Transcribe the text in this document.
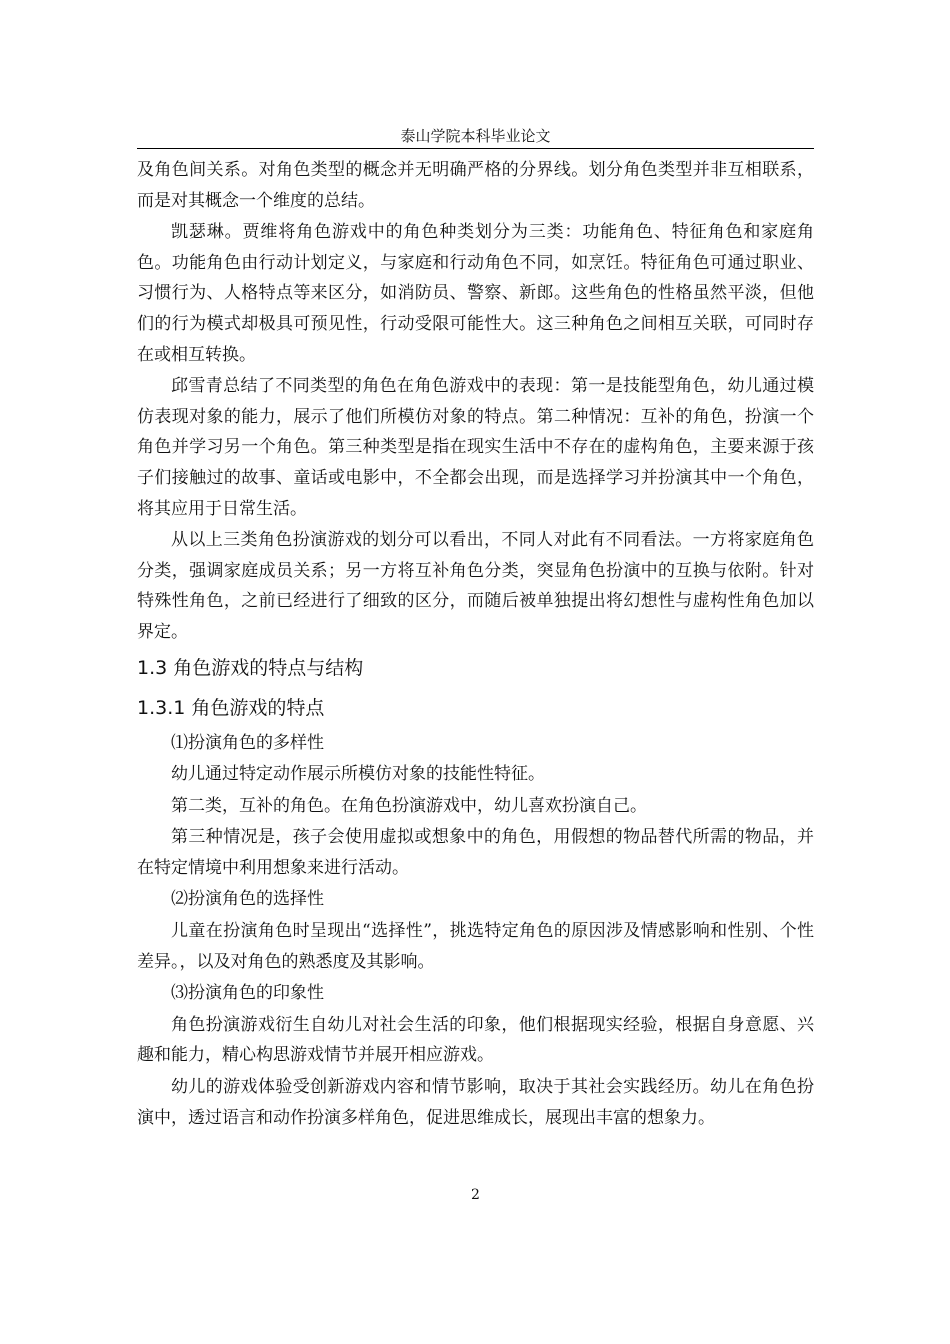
泰山学院本科毕业论文

及角色间关系。对角色类型的概念并无明确严格的分界线。划分角色类型并非互相联系，而是对其概念一个维度的总结。

凯瑟琳。贾维将角色游戏中的角色种类划分为三类：功能角色、特征角色和家庭角色。功能角色由行动计划定义，与家庭和行动角色不同，如烹饪。特征角色可通过职业、习惯行为、人格特点等来区分，如消防员、警察、新郎。这些角色的性格虽然平淡，但他们的行为模式却极具可预见性，行动受限可能性大。这三种角色之间相互关联，可同时存在或相互转换。

邱雪青总结了不同类型的角色在角色游戏中的表现：第一是技能型角色，幼儿通过模仿表现对象的能力，展示了他们所模仿对象的特点。第二种情况：互补的角色，扮演一个角色并学习另一个角色。第三种类型是指在现实生活中不存在的虚构角色，主要来源于孩子们接触过的故事、童话或电影中，不全都会出现，而是选择学习并扮演其中一个角色，将其应用于日常生活。

从以上三类角色扮演游戏的划分可以看出，不同人对此有不同看法。一方将家庭角色分类，强调家庭成员关系；另一方将互补角色分类，突显角色扮演中的互换与依附。针对特殊性角色，之前已经进行了细致的区分，而随后被单独提出将幻想性与虚构性角色加以界定。

1.3 角色游戏的特点与结构
1.3.1 角色游戏的特点

⑴扮演角色的多样性

幼儿通过特定动作展示所模仿对象的技能性特征。

第二类，互补的角色。在角色扮演游戏中，幼儿喜欢扮演自己。

第三种情况是，孩子会使用虚拟或想象中的角色，用假想的物品替代所需的物品，并在特定情境中利用想象来进行活动。

⑵扮演角色的选择性

儿童在扮演角色时呈现出“选择性”，挑选特定角色的原因涉及情感影响和性别、个性差异。，以及对角色的熟悉度及其影响。

⑶扮演角色的印象性

角色扮演游戏衍生自幼儿对社会生活的印象，他们根据现实经验，根据自身意愿、兴趣和能力，精心构思游戏情节并展开相应游戏。

幼儿的游戏体验受创新游戏内容和情节影响，取决于其社会实践经历。幼儿在角色扮演中，透过语言和动作扮演多样角色，促进思维成长，展现出丰富的想象力。

2
